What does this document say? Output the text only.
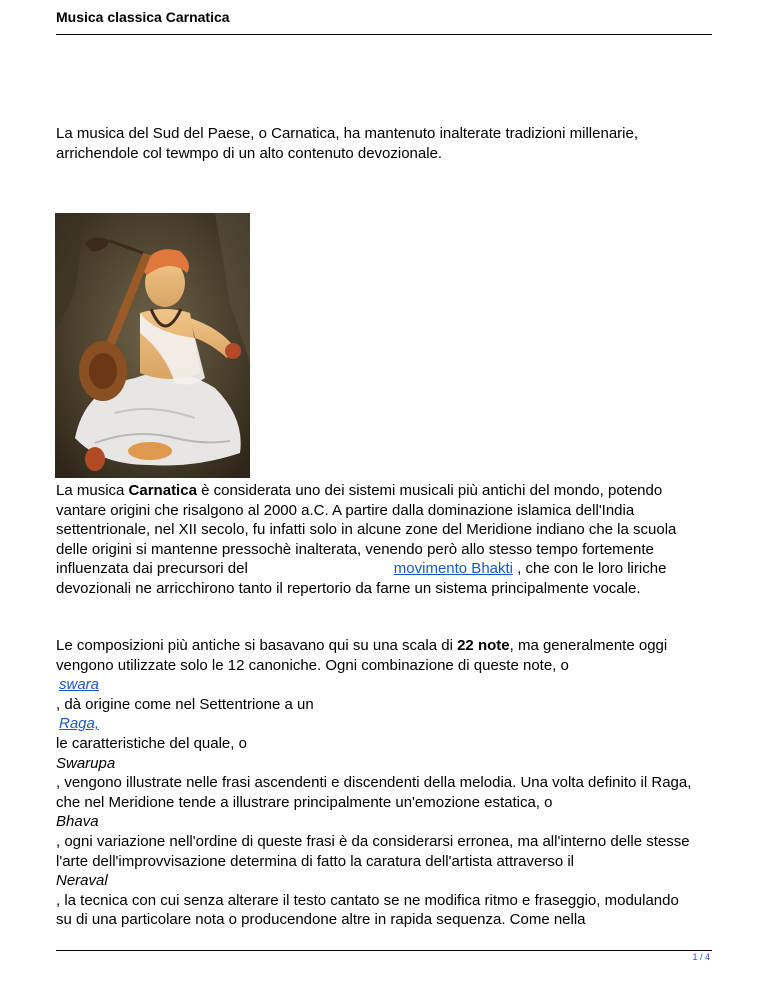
Musica classica Carnatica

La musica del Sud del Paese, o Carnatica, ha mantenuto inalterate tradizioni millenarie,
arrichendole col tewmpo di un alto contenuto devozionale.

La musica Carnatica è considerata uno dei sistemi musicali più antichi del mondo, potendo
vantare origini che risalgono al 2000 a.C. A partire dalla dominazione islamica dell'India
settentrionale, nel XII secolo, fu infatti solo in alcune zone del Meridione indiano che la scuola
delle origini si mantenne pressochè inalterata, venendo però allo stesso tempo fortemente
influenzata dai precursori del	movimento Bhakti , che con le loro liriche
devozionali ne arricchirono tanto il repertorio da farne un sistema principalmente vocale.

Le composizioni più antiche si basavano qui su una scala di 22 note, ma generalmente oggi
vengono utilizzate solo le 12 canoniche. Ogni combinazione di queste note, o
swara
, dà origine come nel Settentrione a un
Raga,
le caratteristiche del quale, o
Swarupa
, vengono illustrate nelle frasi ascendenti e discendenti della melodia. Una volta definito il Raga,
che nel Meridione tende a illustrare principalmente un'emozione estatica, o
Bhava
, ogni variazione nell'ordine di queste frasi è da considerarsi erronea, ma all'interno delle stesse
l'arte dell'improvvisazione determina di fatto la caratura dell'artista attraverso il
Neraval
, la tecnica con cui senza alterare il testo cantato se ne modifica ritmo e fraseggio, modulando
su di una particolare nota o producendone altre in rapida sequenza. Come nella

1 / 4
